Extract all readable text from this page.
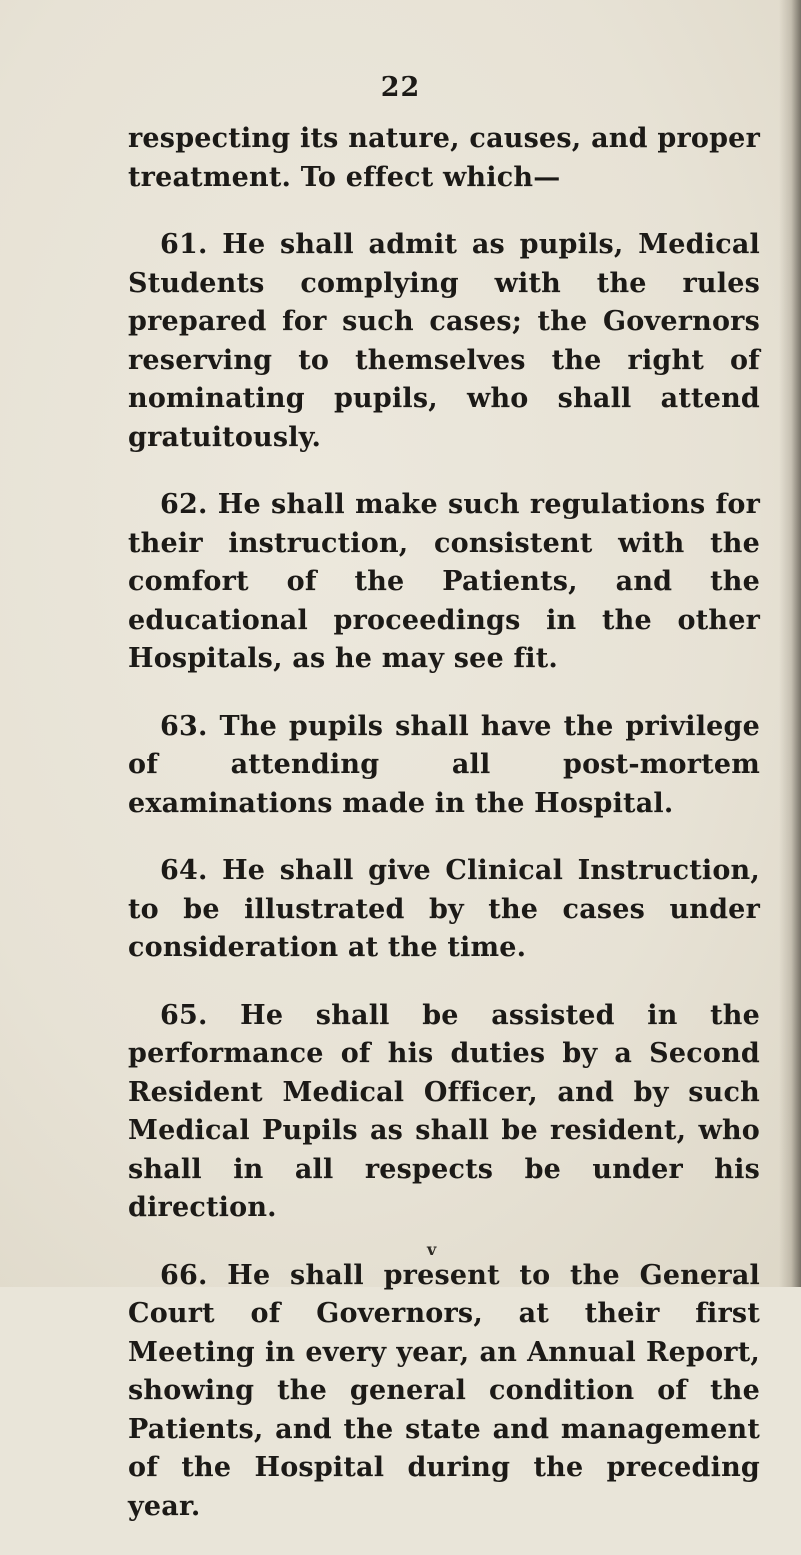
22

respecting its nature, causes, and proper treatment. To effect which—

61. He shall admit as pupils, Medical Students complying with the rules prepared for such cases; the Governors reserving to themselves the right of nominating pupils, who shall attend gratuitously.

62. He shall make such regulations for their instruction, consistent with the comfort of the Patients, and the educational proceedings in the other Hospitals, as he may see fit.

63. The pupils shall have the privilege of attending all post-mortem examinations made in the Hospital.

64. He shall give Clinical Instruction, to be illustrated by the cases under consideration at the time.

65. He shall be assisted in the performance of his duties by a Second Resident Medical Officer, and by such Medical Pupils as shall be resident, who shall in all respects be under his direction.

66. He shall present to the General Court of Governors, at their first Meeting in every year, an Annual Report, showing the general condition of the Patients, and the state and management of the Hospital during the preceding year.

v
